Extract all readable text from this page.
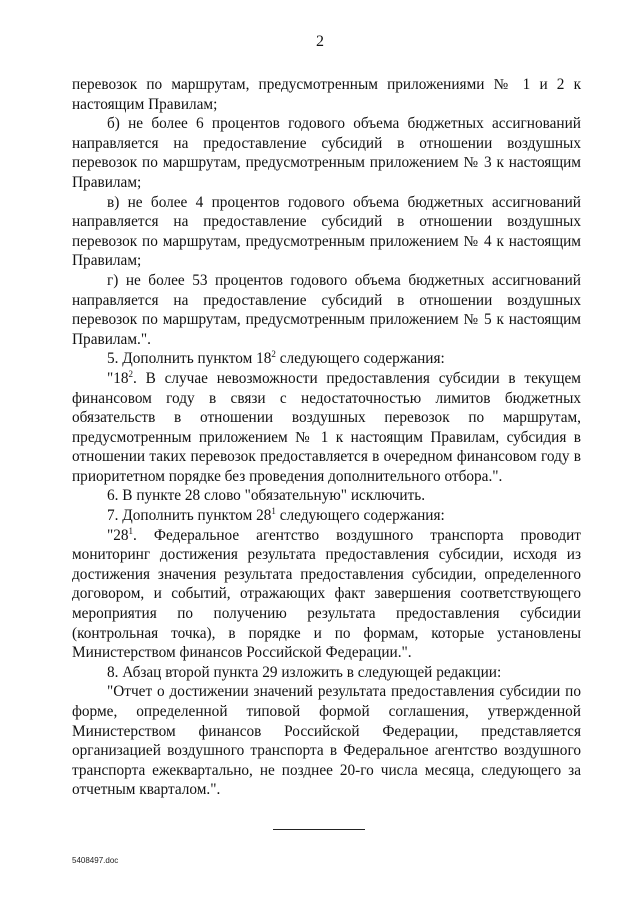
2

перевозок по маршрутам, предусмотренным приложениями № 1 и 2 к настоящим Правилам;

б) не более 6 процентов годового объема бюджетных ассигнований направляется на предоставление субсидий в отношении воздушных перевозок по маршрутам, предусмотренным приложением № 3 к настоящим Правилам;

в) не более 4 процентов годового объема бюджетных ассигнований направляется на предоставление субсидий в отношении воздушных перевозок по маршрутам, предусмотренным приложением № 4 к настоящим Правилам;

г) не более 53 процентов годового объема бюджетных ассигнований направляется на предоставление субсидий в отношении воздушных перевозок по маршрутам, предусмотренным приложением № 5 к настоящим Правилам.".

5. Дополнить пунктом $18^2$ следующего содержания:

"$18^2$. В случае невозможности предоставления субсидии в текущем финансовом году в связи с недостаточностью лимитов бюджетных обязательств в отношении воздушных перевозок по маршрутам, предусмотренным приложением № 1 к настоящим Правилам, субсидия в отношении таких перевозок предоставляется в очередном финансовом году в приоритетном порядке без проведения дополнительного отбора.".

6. В пункте 28 слово "обязательную" исключить.

7. Дополнить пунктом $28^1$ следующего содержания:

"$28^1$. Федеральное агентство воздушного транспорта проводит мониторинг достижения результата предоставления субсидии, исходя из достижения значения результата предоставления субсидии, определенного договором, и событий, отражающих факт завершения соответствующего мероприятия по получению результата предоставления субсидии (контрольная точка), в порядке и по формам, которые установлены Министерством финансов Российской Федерации.".

8. Абзац второй пункта 29 изложить в следующей редакции:

"Отчет о достижении значений результата предоставления субсидии по форме, определенной типовой формой соглашения, утвержденной Министерством финансов Российской Федерации, представляется организацией воздушного транспорта в Федеральное агентство воздушного транспорта ежеквартально, не позднее 20-го числа месяца, следующего за отчетным кварталом.".

5408497.doc
